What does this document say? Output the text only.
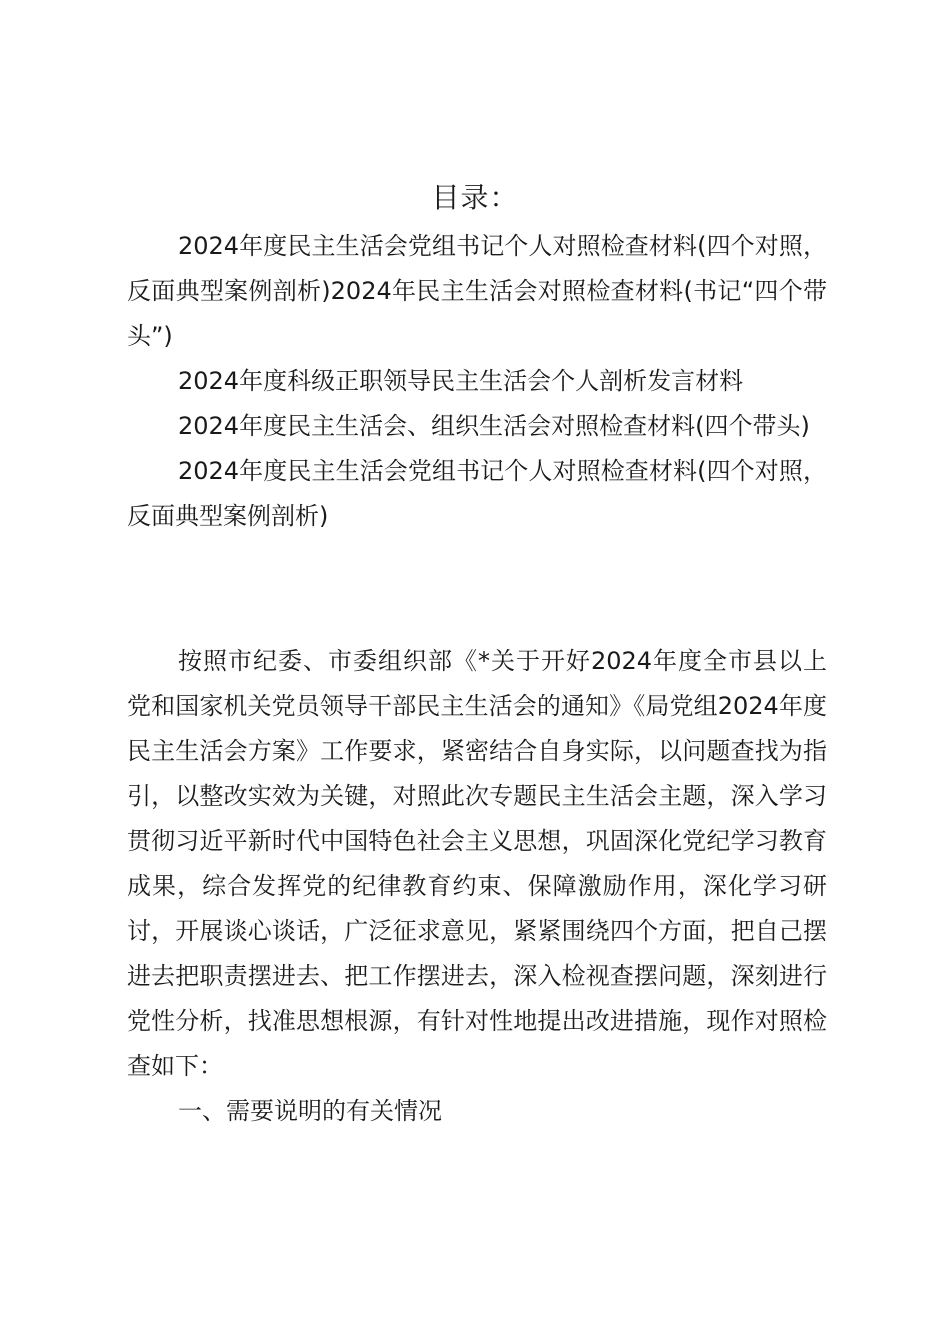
目录：

2024年度民主生活会党组书记个人对照检查材料(四个对照，反面典型案例剖析)2024年民主生活会对照检查材料(书记“四个带头”)

2024年度科级正职领导民主生活会个人剖析发言材料

2024年度民主生活会、组织生活会对照检查材料(四个带头)

2024年度民主生活会党组书记个人对照检查材料(四个对照，反面典型案例剖析)

按照市纪委、市委组织部《*关于开好2024年度全市县以上党和国家机关党员领导干部民主生活会的通知》《局党组2024年度民主生活会方案》工作要求，紧密结合自身实际，以问题查找为指引，以整改实效为关键，对照此次专题民主生活会主题，深入学习贯彻习近平新时代中国特色社会主义思想，巩固深化党纪学习教育成果，综合发挥党的纪律教育约束、保障激励作用，深化学习研讨，开展谈心谈话，广泛征求意见，紧紧围绕四个方面，把自己摆进去把职责摆进去、把工作摆进去，深入检视查摆问题，深刻进行党性分析，找准思想根源，有针对性地提出改进措施，现作对照检查如下：

一、需要说明的有关情况
